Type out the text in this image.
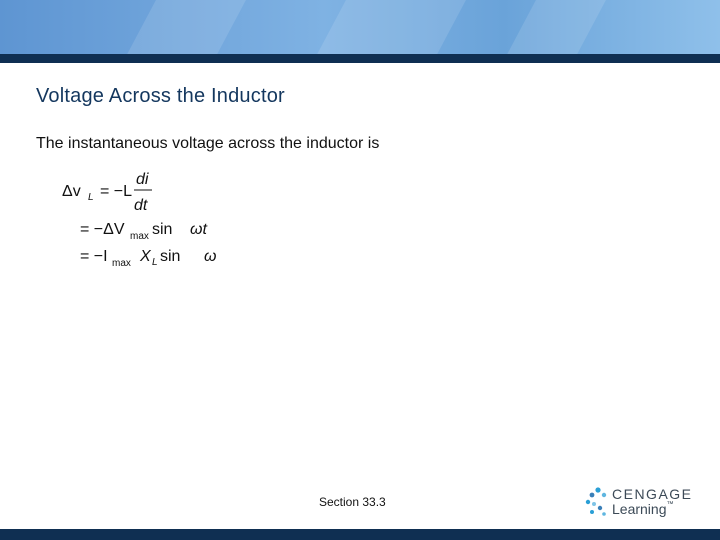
Voltage Across the Inductor
The instantaneous voltage across the inductor is
Δv L = −L
di
dt
= −ΔV max sin ωt
= −I max X L sin ω
Section 33.3	CENGAGE
Learning™
